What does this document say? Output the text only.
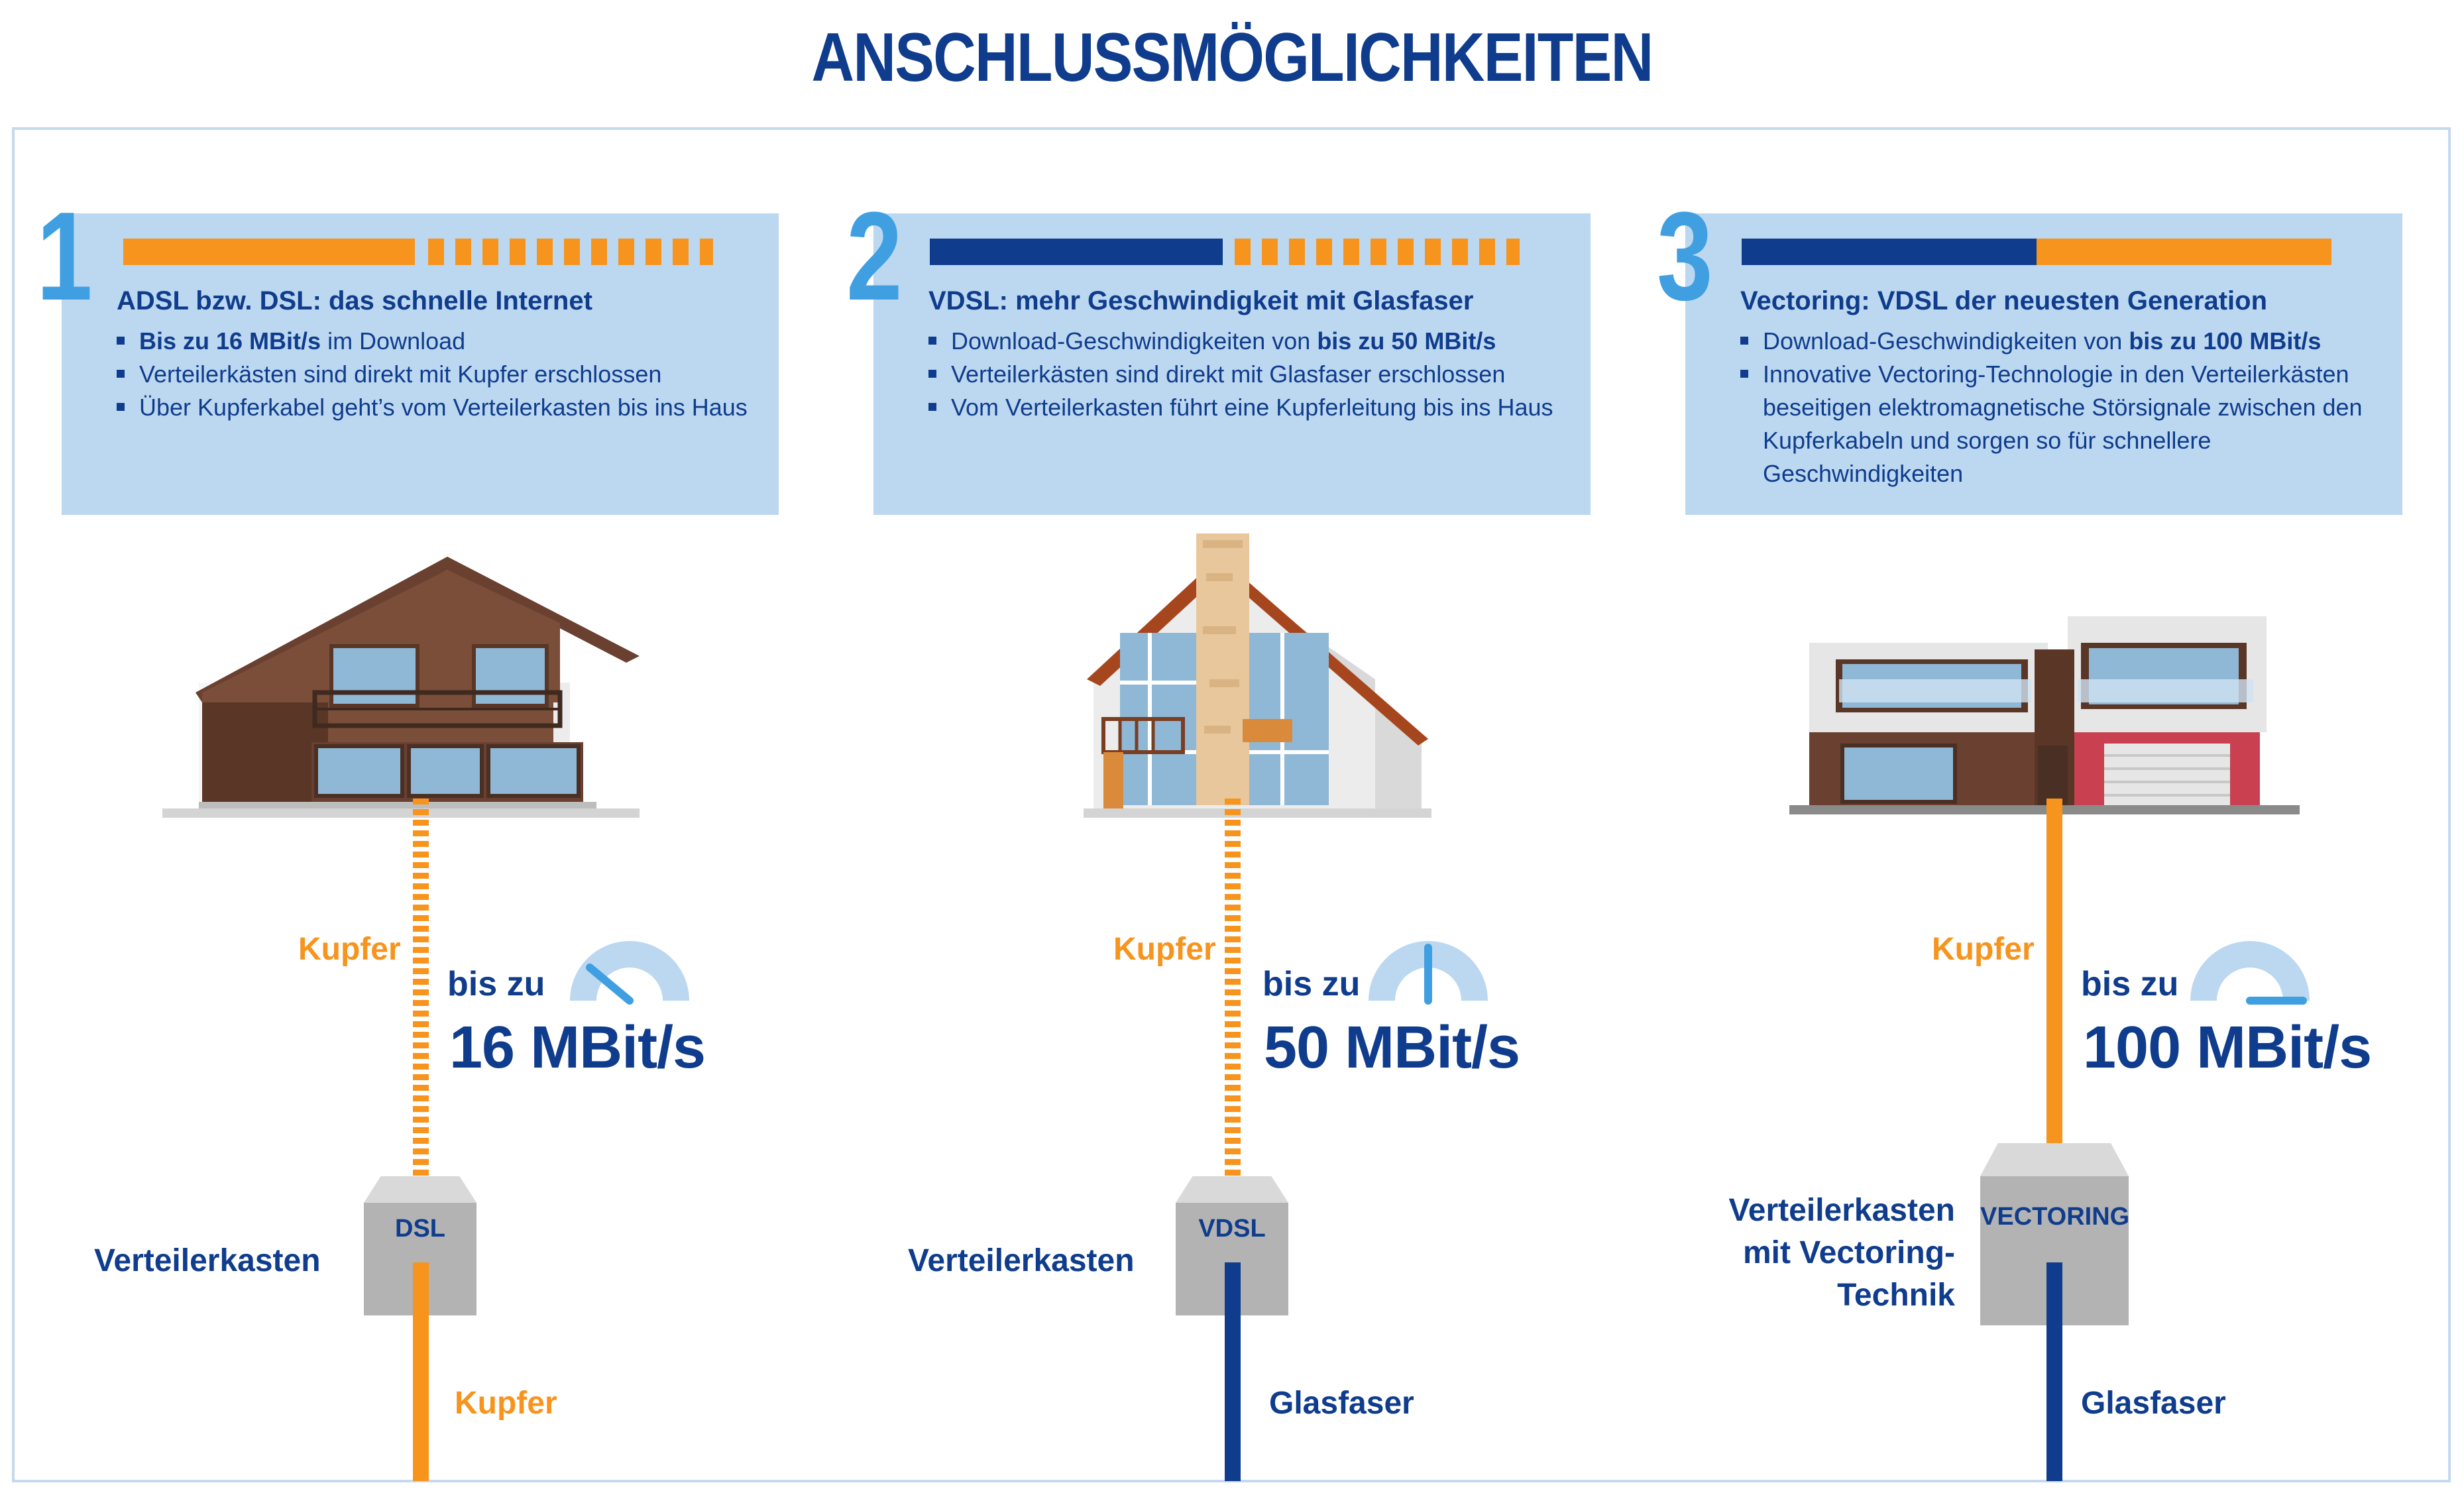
ANSCHLUSSMÖGLICHKEITEN
ADSL bzw. DSL: das schnelle Internet
Bis zu 16 MBit/s im Download
Verteilerkästen sind direkt mit Kupfer erschlossen
Über Kupferkabel geht’s vom Verteilerkasten bis ins Haus
1
Kupfer
bis zu
16 MBit/s
DSL
Verteilerkasten
Kupfer
VDSL: mehr Geschwindigkeit mit Glasfaser
Download-Geschwindigkeiten von bis zu 50 MBit/s
Verteilerkästen sind direkt mit Glasfaser erschlossen
Vom Verteilerkasten führt eine Kupferleitung bis ins Haus
2
Kupfer
bis zu
50 MBit/s
VDSL
Verteilerkasten
Glasfaser
Vectoring: VDSL der neuesten Generation
Download-Geschwindigkeiten von bis zu 100 MBit/s
Innovative Vectoring-Technologie in den Verteilerkästen beseitigen elektromagnetische Störsignale zwischen den Kupferkabeln und sorgen so für schnellere Geschwindigkeiten
3
Kupfer
bis zu
100 MBit/s
VECTORING
Verteilerkasten
mit Vectoring-
Technik
Glasfaser
